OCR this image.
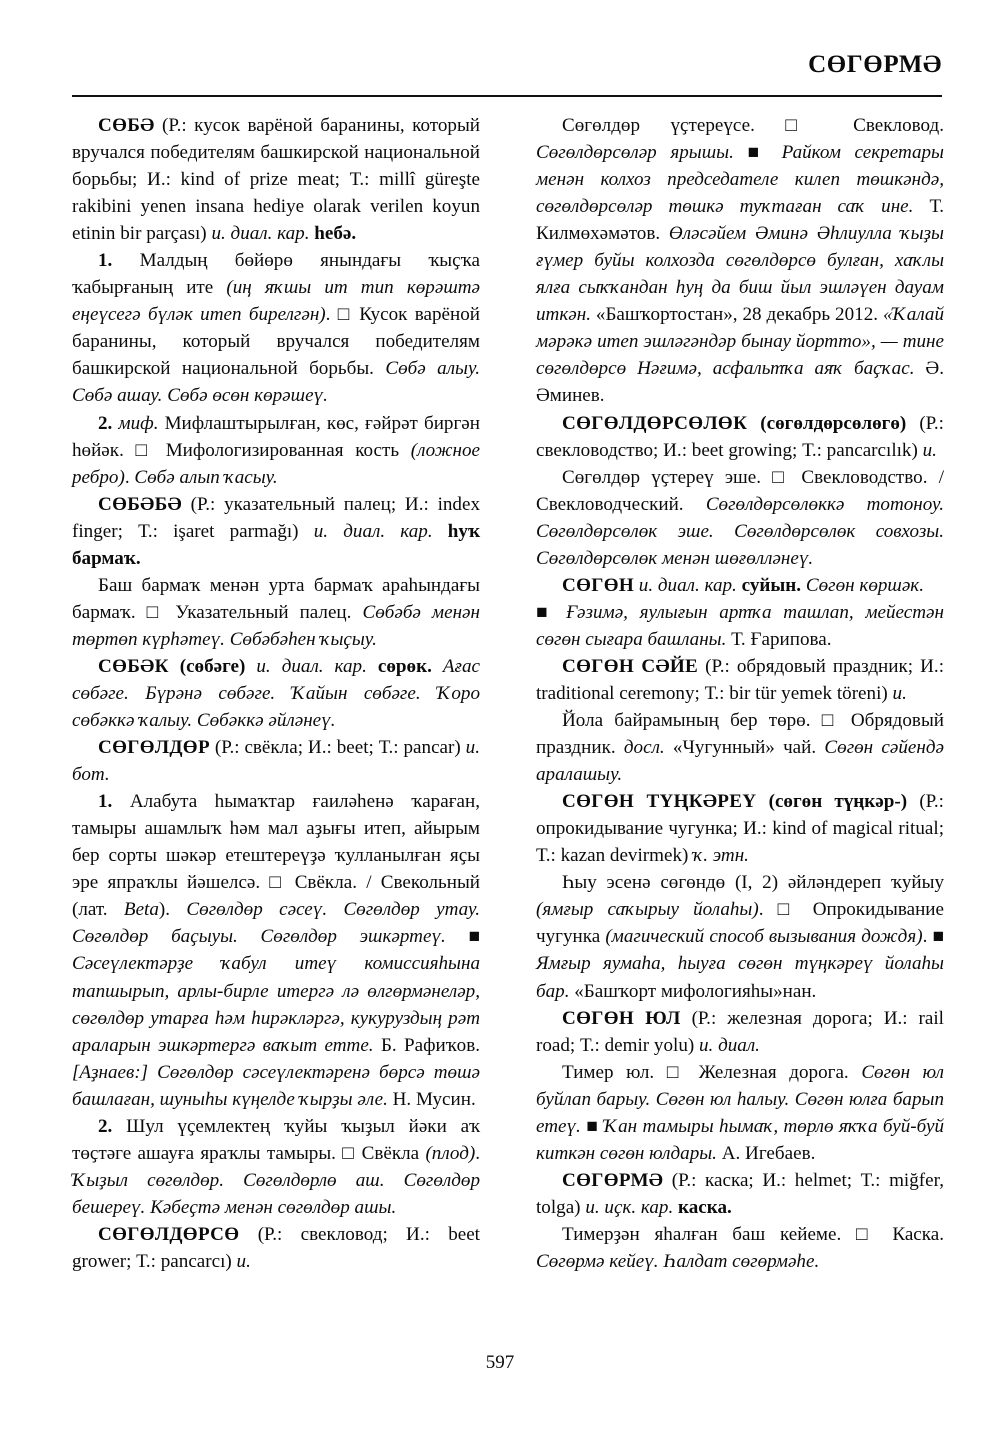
СӨГӨРМӘ

СӨБӘ (Р.: кусок варёной баранины, который вручался победителям башкирской национальной борьбы; И.: kind of prize meat; Т.: millî güreşte rakibini yenen insana hediye olarak verilen koyun etinin bir parçası) и. диал. кар. һебә.

1. Малдың бөйөрө янындағы ҡыҫҡа ҡабырғаның ите (иң яҡшы ит тип көрәштә еңеүсегә бүләк итеп бирелгән). □ Кусок варёной баранины, который вручался победителям башкирской национальной борьбы. Сөбә алыу. Сөбә ашау. Сөбә өсөн көрәшеү.

2. миф. Мифлаштырылған, көс, ғәйрәт биргән һөйәк. □ Мифологизированная кость (ложное ребро). Сөбә алып ҡасыу.

СӨБӘБӘ (Р.: указательный палец; И.: index finger; Т.: işaret parmağı) и. диал. кар. һуҡ бармаҡ.

Баш бармаҡ менән урта бармаҡ араһындағы бармаҡ. □ Указательный палец. Сөбәбә менән төртөп күрһәтеү. Сөбәбәһен ҡыҫыу.

СӨБӘК (сөбәге) и. диал. кар. сөрөк. Ағас сөбәге. Бүрәнә сөбәге. Ҡайын сөбәге. Ҡоро сөбәккә ҡалыу. Сөбәккә әйләнеү.

СӨГӨЛДӨР (Р.: свёкла; И.: beet; Т.: pancar) и. бот.

1. Алабута һымаҡтар ғаиләһенә ҡараған, тамыры ашамлыҡ һәм мал аҙығы итеп, айырым бер сорты шәкәр етештереүҙә ҡулланылған яҫы эре япраҡлы йәшелсә. □ Свёкла. / Свекольный (лат. Beta). Сөгөлдөр сәсеү. Сөгөлдөр утау. Сөгөлдөр баҫыуы. Сөгөлдөр эшкәртеү. ■ Сәсеүлектәрҙе ҡабул итеү комиссияһына тапшырып, арлы-бирле итергә лә өлгөрмәнеләр, сөгөлдөр утарға һәм һирәкләргә, кукуруздың рәт араларын эшкәртергә ваҡыт етте. Б. Рафиҡов. [Аҙнаев:] Сөгөлдөр сәсеүлектәренә бөрсә төшә башлаған, шуныһы күңелде ҡырҙы әле. Н. Мусин.

2. Шул үҫемлектең ҡуйы ҡыҙыл йәки аҡ төҫтәге ашауға яраҡлы тамыры. □ Свёкла (плод). Ҡыҙыл сөгөлдөр. Сөгөлдөрлө аш. Сөгөлдөр бешереү. Кәбеҫтә менән сөгөлдөр ашы.

СӨГӨЛДӨРСӨ (Р.: свекловод; И.: beet grower; Т.: pancarcı) и.

Сөгөлдөр үҫтереүсе. □ Свекловод. Сөгөлдөрсөләр ярышы. ■ Райком секретары менән колхоз председателе килеп төшкәндә, сөгөлдөрсөләр төшкә туҡтаған саҡ ине. Т. Килмөхәмәтов. Өләсәйем Әминә Әһлиулла ҡыҙы ғүмер буйы колхозда сөгөлдөрсө булған, хаҡлы ялға сыҡҡандан һуң да биш йыл эшләүен дауам иткән. «Башҡортостан», 28 декабрь 2012. «Ҡалай мәрәкә итеп эшләгәндәр бынау йортто», — тине сөгөлдөрсө Нәғимә, асфальтҡа аяҡ баҫҡас. Ә. Әминев.

СӨГӨЛДӨРСӨЛӨК (сөгөлдөрсөлөгө) (Р.: свекловодство; И.: beet growing; Т.: pancarcılık) и.

Сөгөлдөр үҫтереү эше. □ Свекловодство. / Свекловодческий. Сөгөлдөрсөлөккә тотоноу. Сөгөлдөрсөлөк эше. Сөгөлдөрсөлөк совхозы. Сөгөлдөрсөлөк менән шөғөлләнеү.

СӨГӨН и. диал. кар. суйын. Сөгөн көршәк.

■ Ғәзимә, яулығын артҡа ташлап, мейестән сөгөн сығара башланы. Т. Ғарипова.

СӨГӨН СӘЙЕ (Р.: обрядовый праздник; И.: traditional ceremony; Т.: bir tür yemek töreni) и.

Йола байрамының бер төрө. □ Обрядовый праздник. досл. «Чугунный» чай. Сөгөн сәйендә аралашыу.

СӨГӨН ТҮҢКӘРЕҮ (сөгөн түңкәр-) (Р.: опрокидывание чугунка; И.: kind of magical ritual; Т.: kazan devirmek) ҡ. этн.

Һыу эсенә сөгөндө (I, 2) әйләндереп ҡуйыу (ямғыр саҡырыу йолаһы). □ Опрокидывание чугунка (магический способ вызывания дождя). ■ Ямғыр яумаһа, һыуға сөгөн түңкәреү йолаһы бар. «Башҡорт мифологияһы»нан.

СӨГӨН ЮЛ (Р.: железная дорога; И.: rail road; Т.: demir yolu) и. диал.

Тимер юл. □ Железная дорога. Сөгөн юл буйлап барыу. Сөгөн юл һалыу. Сөгөн юлға барып етеү. ■ Ҡан тамыры һымаҡ, төрлө яҡҡа буй-буй киткән сөгөн юлдары. А. Игебаев.

СӨГӨРМӘ (Р.: каска; И.: helmet; Т.: miğfer, tolga) и. иҫк. кар. каска.

Тимерҙән яһалған баш кейеме. □ Каска. Сөгөрмә кейеү. Һалдат сөгөрмәһе.

597
